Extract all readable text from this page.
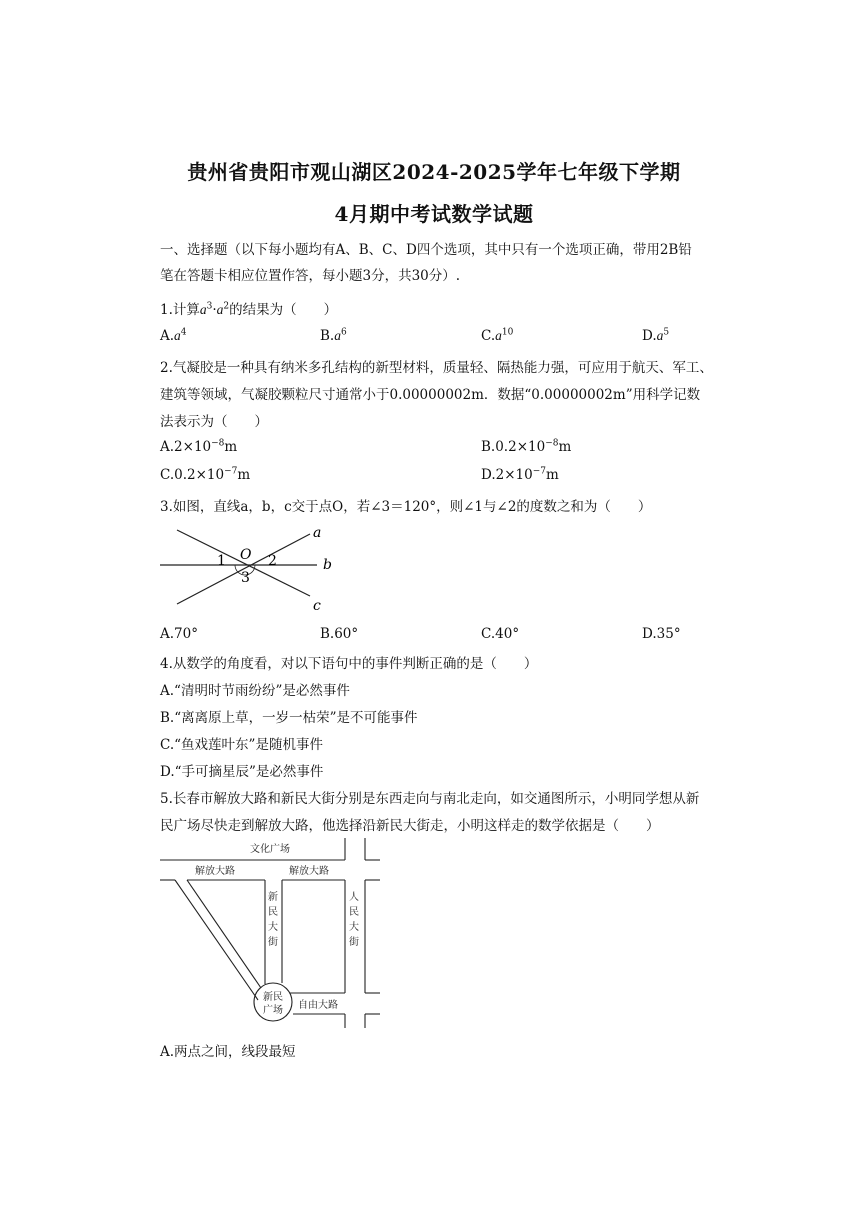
贵州省贵阳市观山湖区2024-2025学年七年级下学期
4月期中考试数学试题
一、选择题（以下每小题均有A、B、C、D四个选项，其中只有一个选项正确，带用2B铅
笔在答题卡相应位置作答，每小题3分，共30分）.
1.计算$a^3\cdot a^2$的结果为（　　）
$A.a^4$	$B.a^6$	$C.a^{10}$	$D.a^5$
2.气凝胶是一种具有纳米多孔结构的新型材料，质量轻、隔热能力强，可应用于航天、军工、
建筑等领域，气凝胶颗粒尺寸通常小于0.00000002m．数据“0.00000002m”用科学记数
法表示为（　　）
$A.2\times 10^{-8}m$	$B.0.2\times 10^{-8}m$
$C.0.2\times 10^{-7}m$	$D.2\times 10^{-7}m$
3.如图，直线a，b，c交于点O，若∠3＝120°，则∠1与∠2的度数之和为（　　）
O
1	2
3
a
b
c
A.70°	B.60°	C.40°	D.35°
4.从数学的角度看，对以下语句中的事件判断正确的是（　　）
A.“清明时节雨纷纷”是必然事件
B.“离离原上草，一岁一枯荣”是不可能事件
C.“鱼戏莲叶东”是随机事件
D.“手可摘星辰”是必然事件
5.长春市解放大路和新民大街分别是东西走向与南北走向，如交通图所示，小明同学想从新
民广场尽快走到解放大路，他选择沿新民大街走，小明这样走的数学依据是（　　）
文化广场
解放大路	解放大路
新
民
大
街
人
民
大
街
新民
广场 自由大路
A.两点之间，线段最短
